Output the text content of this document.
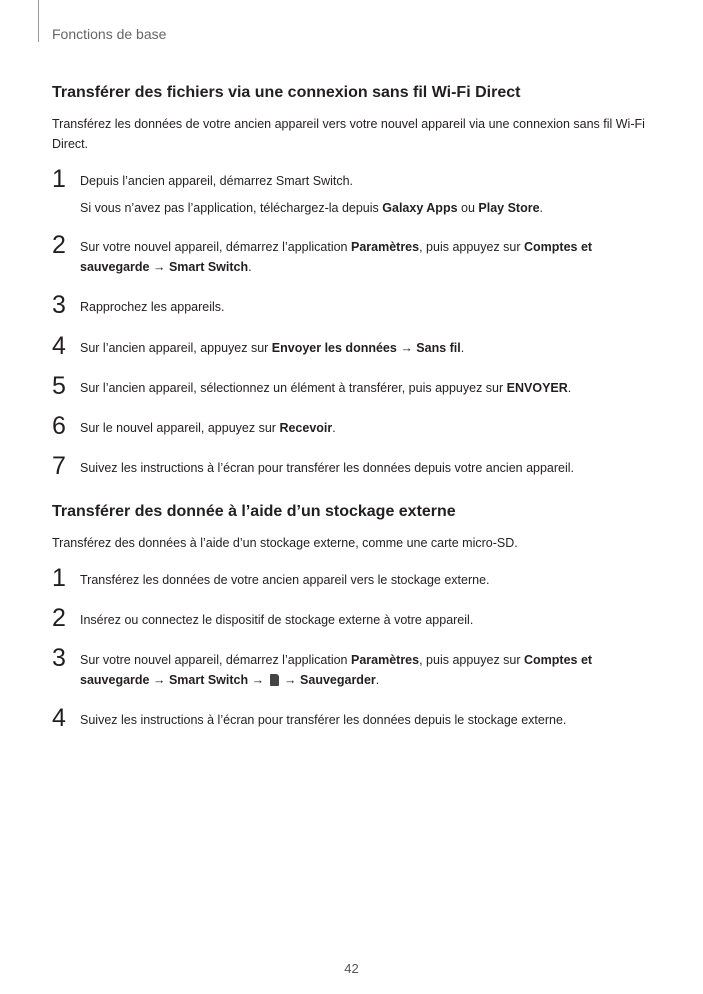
Fonctions de base
Transférer des fichiers via une connexion sans fil Wi-Fi Direct
Transférez les données de votre ancien appareil vers votre nouvel appareil via une connexion sans fil Wi-Fi Direct.
1 Depuis l’ancien appareil, démarrez Smart Switch.
Si vous n’avez pas l’application, téléchargez-la depuis Galaxy Apps ou Play Store.
2 Sur votre nouvel appareil, démarrez l’application Paramètres, puis appuyez sur Comptes et sauvegarde → Smart Switch.
3 Rapprochez les appareils.
4 Sur l’ancien appareil, appuyez sur Envoyer les données → Sans fil.
5 Sur l’ancien appareil, sélectionnez un élément à transférer, puis appuyez sur ENVOYER.
6 Sur le nouvel appareil, appuyez sur Recevoir.
7 Suivez les instructions à l’écran pour transférer les données depuis votre ancien appareil.
Transférer des donnée à l’aide d’un stockage externe
Transférez des données à l’aide d’un stockage externe, comme une carte micro-SD.
1 Transférez les données de votre ancien appareil vers le stockage externe.
2 Insérez ou connectez le dispositif de stockage externe à votre appareil.
3 Sur votre nouvel appareil, démarrez l’application Paramètres, puis appuyez sur Comptes et sauvegarde → Smart Switch →  → Sauvegarder.
4 Suivez les instructions à l’écran pour transférer les données depuis le stockage externe.
42
